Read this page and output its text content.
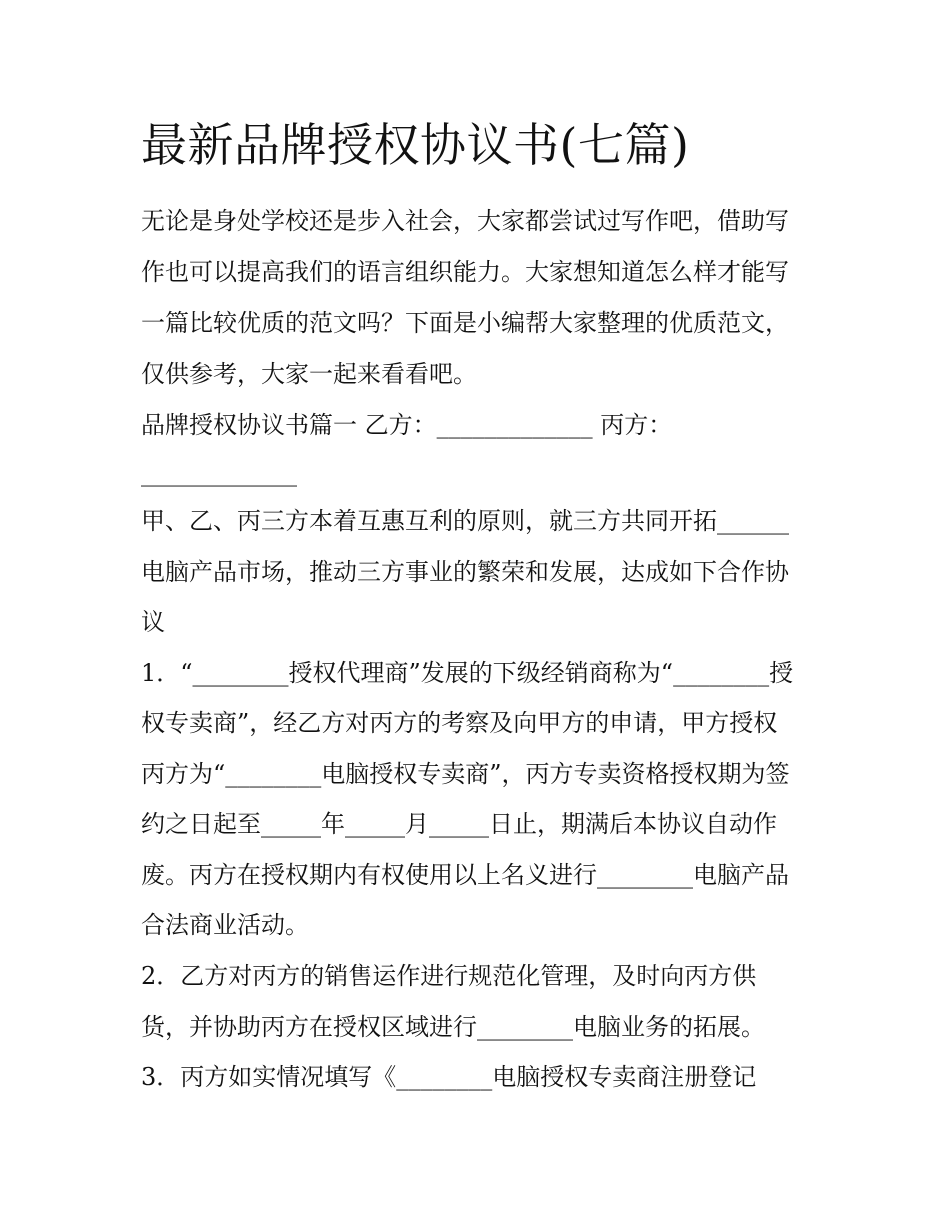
最新品牌授权协议书(七篇)
无论是身处学校还是步入社会，大家都尝试过写作吧，借助写
作也可以提高我们的语言组织能力。大家想知道怎么样才能写
一篇比较优质的范文吗？下面是小编帮大家整理的优质范文，
仅供参考，大家一起来看看吧。
品牌授权协议书篇一 乙方：_____________ 丙方：
_____________
甲、乙、丙三方本着互惠互利的原则，就三方共同开拓______
电脑产品市场，推动三方事业的繁荣和发展，达成如下合作协
议
1．“________授权代理商”发展的下级经销商称为“________授
权专卖商”，经乙方对丙方的考察及向甲方的申请，甲方授权
丙方为“________电脑授权专卖商”，丙方专卖资格授权期为签
约之日起至_____年_____月_____日止，期满后本协议自动作
废。丙方在授权期内有权使用以上名义进行________电脑产品
合法商业活动。
2．乙方对丙方的销售运作进行规范化管理，及时向丙方供
货，并协助丙方在授权区域进行________电脑业务的拓展。
3．丙方如实情况填写《________电脑授权专卖商注册登记
